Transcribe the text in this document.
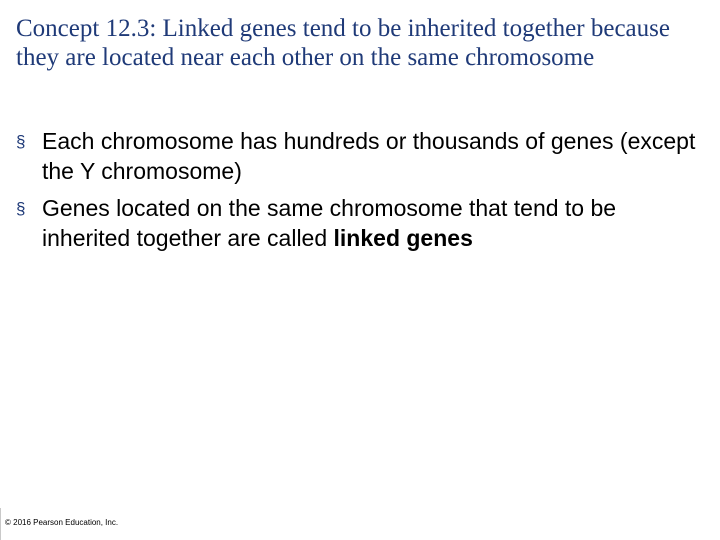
Concept 12.3: Linked genes tend to be inherited together because they are located near each other on the same chromosome
§ Each chromosome has hundreds or thousands of genes (except the Y chromosome)
§ Genes located on the same chromosome that tend to be inherited together are called linked genes
© 2016 Pearson Education, Inc.
